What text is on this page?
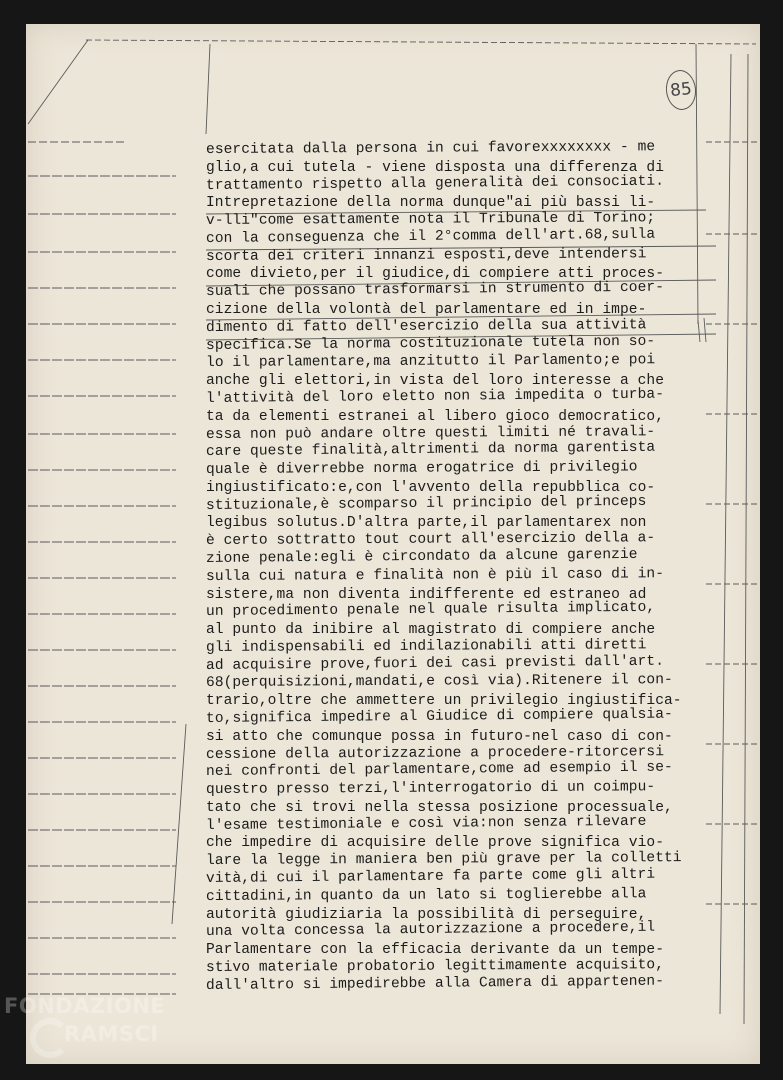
85
esercitata dalla persona in cui favorexxxxxxxx - me
glio,a cui tutela - viene disposta una differenza di
trattamento rispetto alla generalità dei consociati.
Intrepretazione della norma dunque"ai più bassi li-
v-lli"come esattamente nota il Tribunale di Torino;
con la conseguenza che il 2°comma dell'art.68,sulla
scorta dei criteri innanzi esposti,deve intendersi
come divieto,per il giudice,di compiere atti proces-
suali che possano trasformarsi in strumento di coer-
cizione della volontà del parlamentare ed in impe-
dimento di fatto dell'esercizio della sua attività
specifica.Se la norma costituzionale tutela non so-
lo il parlamentare,ma anzitutto il Parlamento;e poi
anche gli elettori,in vista del loro interesse a che
l'attività del loro eletto non sia impedita o turba-
ta da elementi estranei al libero gioco democratico,
essa non può andare oltre questi limiti né travali-
care queste finalità,altrimenti da norma garentista
quale è diverrebbe norma erogatrice di privilegio
ingiustificato:e,con l'avvento della repubblica co-
stituzionale,è scomparso il principio del princeps
legibus solutus.D'altra parte,il parlamentarex non
è certo sottratto tout court all'esercizio della a-
zione penale:egli è circondato da alcune garenzie
sulla cui natura e finalità non è più il caso di in-
sistere,ma non diventa indifferente ed estraneo ad
un procedimento penale nel quale risulta implicato,
al punto da inibire al magistrato di compiere anche
gli indispensabili ed indilazionabili atti diretti
ad acquisire prove,fuori dei casi previsti dall'art.
68(perquisizioni,mandati,e così via).Ritenere il con-
trario,oltre che ammettere un privilegio ingiustifica-
to,significa impedire al Giudice di compiere qualsia-
si atto che comunque possa in futuro-nel caso di con-
cessione della autorizzazione a procedere-ritorcersi
nei confronti del parlamentare,come ad esempio il se-
questro presso terzi,l'interrogatorio di un coimpu-
tato che si trovi nella stessa posizione processuale,
l'esame testimoniale e così via:non senza rilevare
che impedire di acquisire delle prove significa vio-
lare la legge in maniera ben più grave per la colletti
vità,di cui il parlamentare fa parte come gli altri
cittadini,in quanto da un lato si toglierebbe alla
autorità giudiziaria la possibilità di perseguire,
una volta concessa la autorizzazione a procedere,il
Parlamentare con la efficacia derivante da un tempe-
stivo materiale probatorio legittimamente acquisito,
dall'altro si impedirebbe alla Camera di appartenen-
FONDAZIONE
RAMSCI
